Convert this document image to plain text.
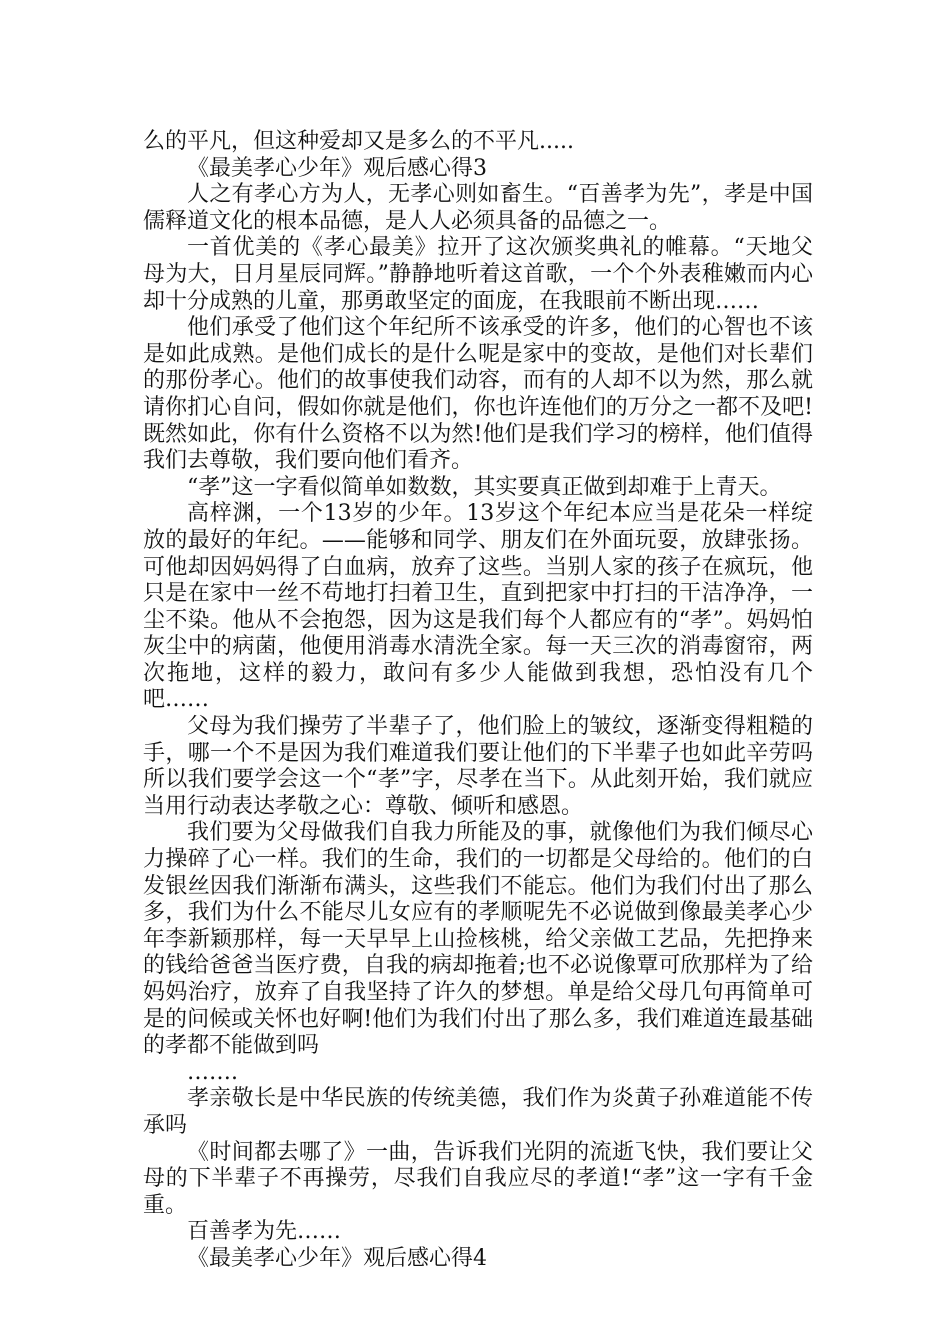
么的平凡，但这种爱却又是多么的不平凡.....

《最美孝心少年》观后感心得3

人之有孝心方为人，无孝心则如畜生。“百善孝为先”，孝是中国儒释道文化的根本品德，是人人必须具备的品德之一。

一首优美的《孝心最美》拉开了这次颁奖典礼的帷幕。“天地父母为大，日月星辰同辉。”静静地听着这首歌，一个个外表稚嫩而内心却十分成熟的儿童，那勇敢坚定的面庞，在我眼前不断出现……

他们承受了他们这个年纪所不该承受的许多，他们的心智也不该是如此成熟。是他们成长的是什么呢是家中的变故，是他们对长辈们的那份孝心。他们的故事使我们动容，而有的人却不以为然，那么就请你扪心自问，假如你就是他们，你也许连他们的万分之一都不及吧!既然如此，你有什么资格不以为然!他们是我们学习的榜样，他们值得我们去尊敬，我们要向他们看齐。

“孝”这一字看似简单如数数，其实要真正做到却难于上青天。

高梓渊，一个13岁的少年。13岁这个年纪本应当是花朵一样绽放的最好的年纪。——能够和同学、朋友们在外面玩耍，放肆张扬。可他却因妈妈得了白血病，放弃了这些。当别人家的孩子在疯玩，他只是在家中一丝不苟地打扫着卫生，直到把家中打扫的干洁净净，一尘不染。他从不会抱怨，因为这是我们每个人都应有的“孝”。妈妈怕灰尘中的病菌，他便用消毒水清洗全家。每一天三次的消毒窗帘，两次拖地，这样的毅力，敢问有多少人能做到我想，恐怕没有几个吧……

父母为我们操劳了半辈子了，他们脸上的皱纹，逐渐变得粗糙的手，哪一个不是因为我们难道我们要让他们的下半辈子也如此辛劳吗所以我们要学会这一个“孝”字，尽孝在当下。从此刻开始，我们就应当用行动表达孝敬之心：尊敬、倾听和感恩。

我们要为父母做我们自我力所能及的事，就像他们为我们倾尽心力操碎了心一样。我们的生命，我们的一切都是父母给的。他们的白发银丝因我们渐渐布满头，这些我们不能忘。他们为我们付出了那么多，我们为什么不能尽儿女应有的孝顺呢先不必说做到像最美孝心少年李新颖那样，每一天早早上山捡核桃，给父亲做工艺品，先把挣来的钱给爸爸当医疗费，自我的病却拖着;也不必说像覃可欣那样为了给妈妈治疗，放弃了自我坚持了许久的梦想。单是给父母几句再简单可是的问候或关怀也好啊!他们为我们付出了那么多，我们难道连最基础的孝都不能做到吗

…….

孝亲敬长是中华民族的传统美德，我们作为炎黄子孙难道能不传承吗

《时间都去哪了》一曲，告诉我们光阴的流逝飞快，我们要让父母的下半辈子不再操劳，尽我们自我应尽的孝道!“孝”这一字有千金重。

百善孝为先……

《最美孝心少年》观后感心得4
